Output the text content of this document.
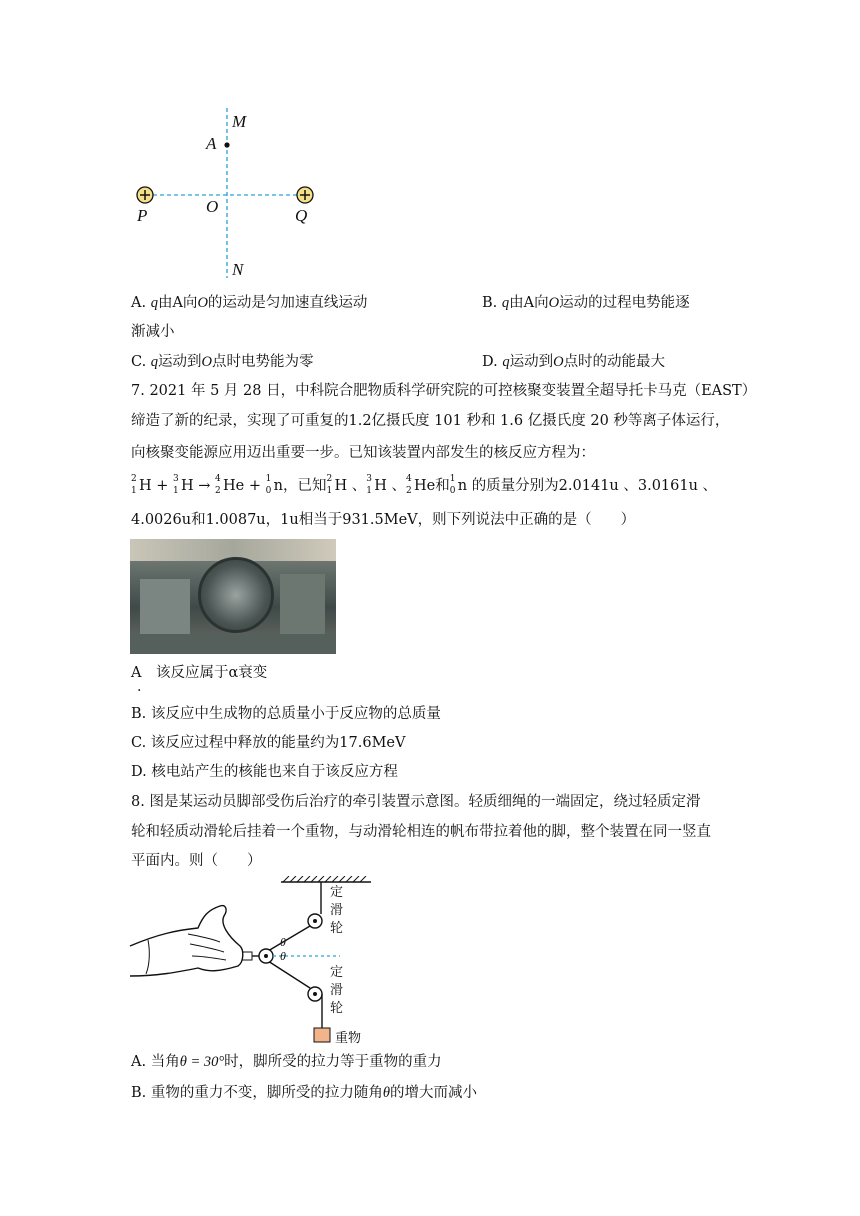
M
A
P	O	Q
N
A. q由A向O的运动是匀加速直线运动	B. q由A向O运动的过程电势能逐
渐减小
C. q运动到O点时电势能为零	D. q运动到O点时的动能最大
7. 2021 年 5 月 28 日，中科院合肥物质科学研究院的可控核聚变装置全超导托卡马克（EAST）
缔造了新的纪录，实现了可重复的1.2亿摄氏度 101 秒和 1.6 亿摄氏度 20 秒等离子体运行，
向核聚变能源应用迈出重要一步。已知该装置内部发生的核反应方程为：
2
1 H + 3
1 H → 4
2 He + 1
0 n，已知 2
1 H 、 3
1 H 、 4
2 He和 1
0 n 的质量分别为2.0141u 、3.0161u 、
4.0026u和1.0087u，1u相当于931.5MeV，则下列说法中正确的是（　　）
A　该反应属于α衰变
．
B. 该反应中生成物的总质量小于反应物的总质量
C. 该反应过程中释放的能量约为17.6MeV
D. 核电站产生的核能也来自于该反应方程
8. 图是某运动员脚部受伤后治疗的牵引装置示意图。轻质细绳的一端固定，绕过轻质定滑
轮和轻质动滑轮后挂着一个重物，与动滑轮相连的帆布带拉着他的脚，整个装置在同一竖直
平面内。则（　　）
定滑轮
定滑轮
θ
θ
重物
A. 当角θ = 30°时，脚所受的拉力等于重物的重力
B. 重物的重力不变，脚所受的拉力随角θ的增大而减小
